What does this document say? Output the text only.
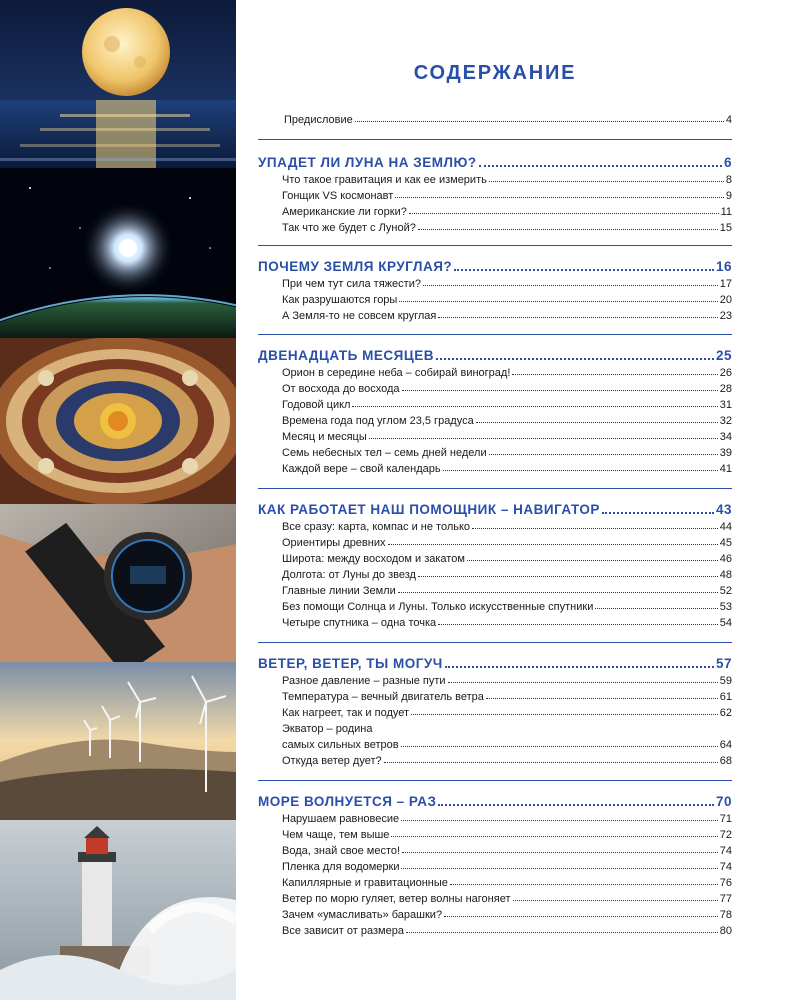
СОДЕРЖАНИЕ
Предисловие	4
УПАДЕТ ЛИ ЛУНА НА ЗЕМЛЮ?	6
Что такое гравитация и как ее измерить	8
Гонщик VS космонавт	9
Американские ли горки?	11
Так что же будет с Луной?	15
ПОЧЕМУ ЗЕМЛЯ КРУГЛАЯ?	16
При чем тут сила тяжести?	17
Как разрушаются горы	20
А Земля-то не совсем круглая	23
ДВЕНАДЦАТЬ МЕСЯЦЕВ	25
Орион в середине неба – собирай виноград!	26
От восхода до восхода	28
Годовой цикл	31
Времена года под углом 23,5 градуса	32
Месяц и месяцы	34
Семь небесных тел – семь дней недели	39
Каждой вере – свой календарь	41
КАК РАБОТАЕТ НАШ ПОМОЩНИК – НАВИГАТОР	43
Все сразу: карта, компас и не только	44
Ориентиры древних	45
Широта: между восходом и закатом	46
Долгота: от Луны до звезд	48
Главные линии Земли	52
Без помощи Солнца и Луны. Только искусственные спутники	53
Четыре спутника – одна точка	54
ВЕТЕР, ВЕТЕР, ТЫ МОГУЧ	57
Разное давление – разные пути	59
Температура – вечный двигатель ветра	61
Как нагреет, так и подует	62
Экватор – родина
самых сильных ветров	64
Откуда ветер дует?	68
МОРЕ ВОЛНУЕТСЯ – РАЗ	70
Нарушаем равновесие	71
Чем чаще, тем выше	72
Вода, знай свое место!	74
Пленка для водомерки	74
Капиллярные и гравитационные	76
Ветер по морю гуляет, ветер волны нагоняет	77
Зачем «умасливать» барашки?	78
Все зависит от размера	80
